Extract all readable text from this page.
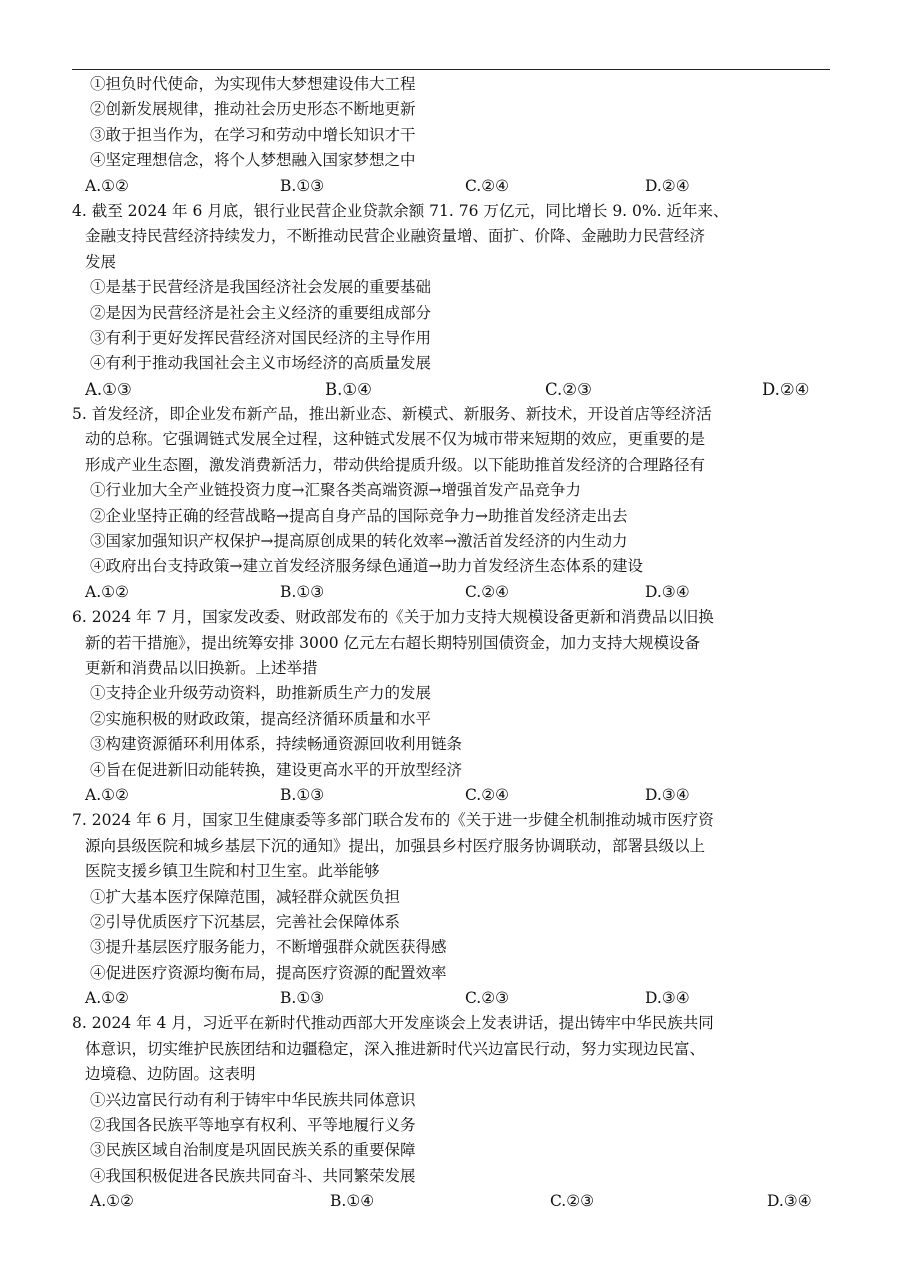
①担负时代使命，为实现伟大梦想建设伟大工程
②创新发展规律，推动社会历史形态不断地更新
③敢于担当作为，在学习和劳动中增长知识才干
④坚定理想信念，将个人梦想融入国家梦想之中
A.①②	B.①③	C.②④	D.②④
4. 截至 2024 年 6 月底，银行业民营企业贷款余额 71. 76 万亿元，同比增长 9. 0%. 近年来、
金融支持民营经济持续发力，不断推动民营企业融资量增、面扩、价降、金融助力民营经济
发展
①是基于民营经济是我国经济社会发展的重要基础
②是因为民营经济是社会主义经济的重要组成部分
③有利于更好发挥民营经济对国民经济的主导作用
④有利于推动我国社会主义市场经济的高质量发展
A.①③	B.①④	C.②③	D.②④
5. 首发经济，即企业发布新产品，推出新业态、新模式、新服务、新技术，开设首店等经济活
动的总称。它强调链式发展全过程，这种链式发展不仅为城市带来短期的效应，更重要的是
形成产业生态圈，激发消费新活力，带动供给提质升级。以下能助推首发经济的合理路径有
①行业加大全产业链投资力度→汇聚各类高端资源→增强首发产品竞争力
②企业坚持正确的经营战略→提高自身产品的国际竞争力→助推首发经济走出去
③国家加强知识产权保护→提高原创成果的转化效率→激活首发经济的内生动力
④政府出台支持政策→建立首发经济服务绿色通道→助力首发经济生态体系的建设
A.①②	B.①③	C.②④	D.③④
6. 2024 年 7 月，国家发改委、财政部发布的《关于加力支持大规模设备更新和消费品以旧换
新的若干措施》，提出统筹安排 3000 亿元左右超长期特别国债资金，加力支持大规模设备
更新和消费品以旧换新。上述举措
①支持企业升级劳动资料，助推新质生产力的发展
②实施积极的财政政策，提高经济循环质量和水平
③构建资源循环利用体系，持续畅通资源回收利用链条
④旨在促进新旧动能转换，建设更高水平的开放型经济
A.①②	B.①③	C.②④	D.③④
7. 2024 年 6 月，国家卫生健康委等多部门联合发布的《关于进一步健全机制推动城市医疗资
源向县级医院和城乡基层下沉的通知》提出，加强县乡村医疗服务协调联动，部署县级以上
医院支援乡镇卫生院和村卫生室。此举能够
①扩大基本医疗保障范围，减轻群众就医负担
②引导优质医疗下沉基层，完善社会保障体系
③提升基层医疗服务能力，不断增强群众就医获得感
④促进医疗资源均衡布局，提高医疗资源的配置效率
A.①②	B.①③	C.②③	D.③④
8. 2024 年 4 月，习近平在新时代推动西部大开发座谈会上发表讲话，提出铸牢中华民族共同
体意识，切实维护民族团结和边疆稳定，深入推进新时代兴边富民行动，努力实现边民富、
边境稳、边防固。这表明
①兴边富民行动有利于铸牢中华民族共同体意识
②我国各民族平等地享有权利、平等地履行义务
③民族区域自治制度是巩固民族关系的重要保障
④我国积极促进各民族共同奋斗、共同繁荣发展
A.①②	B.①④	C.②③	D.③④
